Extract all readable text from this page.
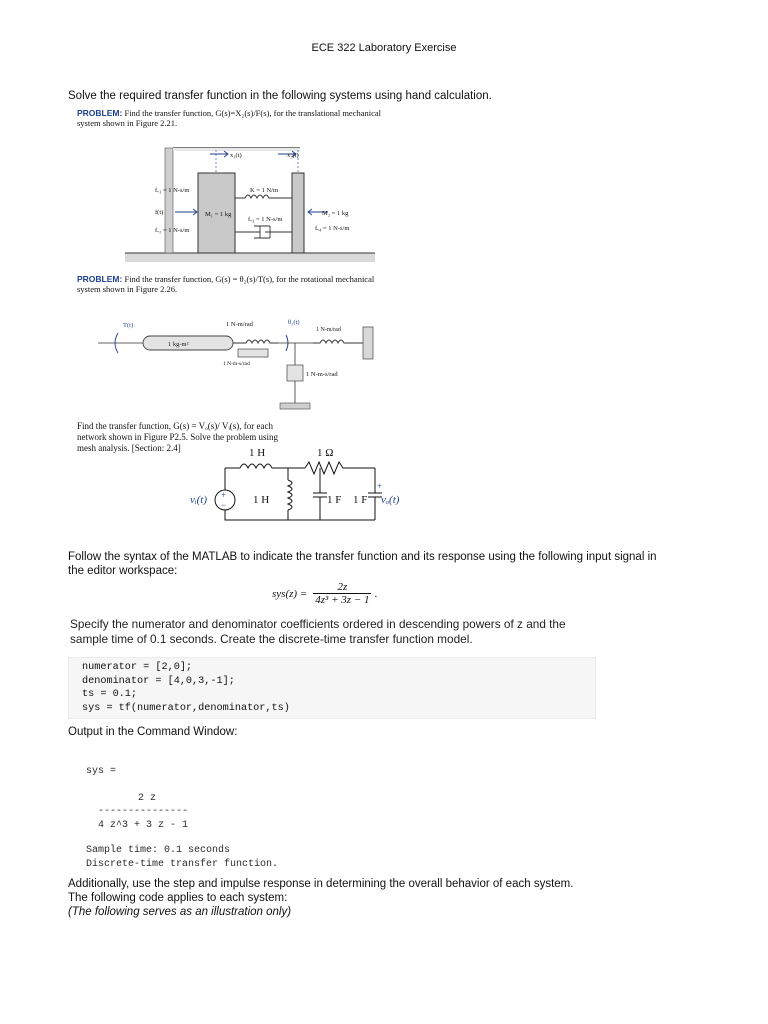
ECE 322 Laboratory Exercise
Solve the required transfer function in the following systems using hand calculation.
PROBLEM: Find the transfer function, G(s)=X₂(s)/F(s), for the translational mechanical
system shown in Figure 2.21.
x₁(t)	x₂(t)
fᵥ₁ = 1 N-s/m
f(t)
fᵥ₂ = 1 N-s/m
M₁ = 1 kg
K = 1 N/m
fᵥ₃ = 1 N-s/m
M₂ = 1 kg
fᵥ₄ = 1 N-s/m
PROBLEM: Find the transfer function, G(s) = θ₂(s)/T(s), for the rotational mechanical
system shown in Figure 2.26.
T(t)
1 kg-m²
1 N-m/rad
1 N-m-s/rad
θ₂(t)
1 N-m/rad
1 N-m-s/rad
Find the transfer function, G(s) = Vₒ(s)/ Vᵢ(s), for each
network shown in Figure P2.5. Solve the problem using
mesh analysis. [Section: 2.4]
+
−
1 H	1 Ω
vᵢ(t)	1 H	1 F 1 F
+
vₒ(t)
Follow the syntax of the MATLAB to indicate the transfer function and its response using the following input signal in
the editor workspace:
$sys(z) = \frac{2z}{\text{4z³ + 3z − 1}}$ .
Specify the numerator and denominator coefficients ordered in descending powers of z and the
sample time of 0.1 seconds. Create the discrete-time transfer function model.
numerator = [2,0];
denominator = [4,0,3,-1];
ts = 0.1;
sys = tf(numerator,denominator,ts)
Output in the Command Window:
sys =
2 z
---------------
4 z^3 + 3 z - 1
Sample time: 0.1 seconds
Discrete-time transfer function.
Additionally, use the step and impulse response in determining the overall behavior of each system.
The following code applies to each system:
(The following serves as an illustration only)
